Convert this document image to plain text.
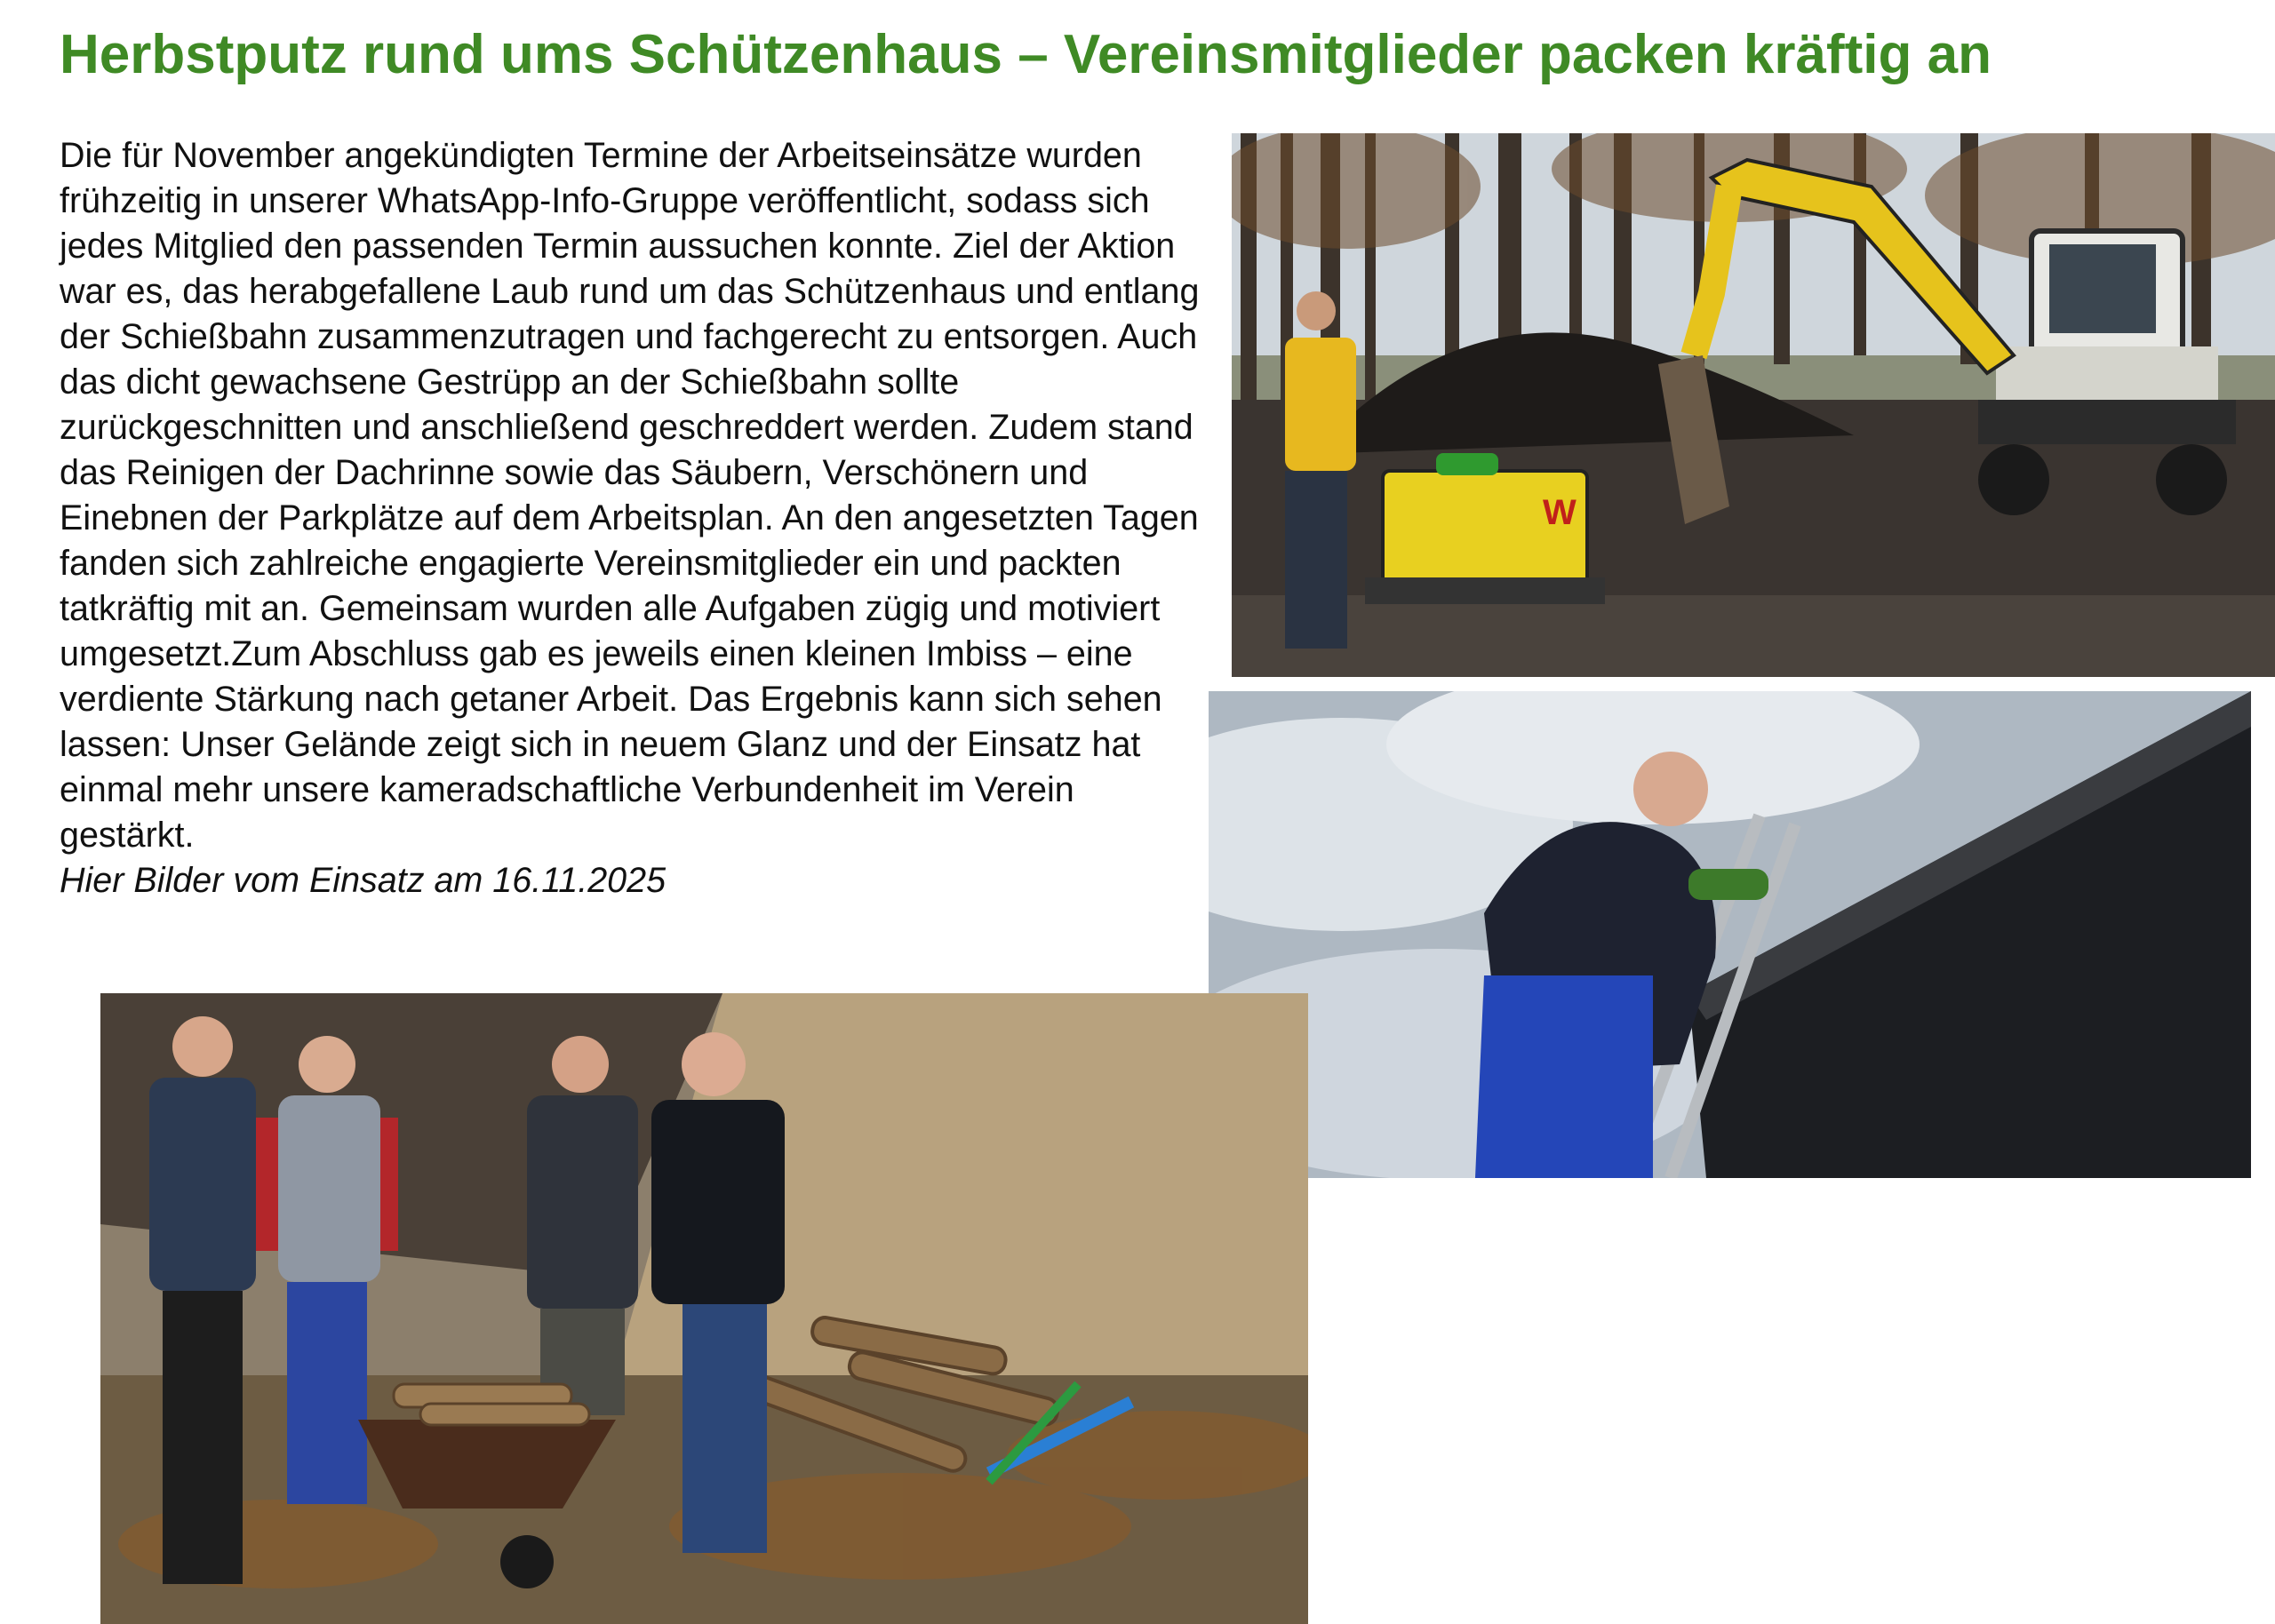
Herbstputz rund ums Schützenhaus – Vereinsmitglieder packen kräftig an

Die für November angekündigten Termine der Arbeitseinsätze wurden frühzeitig in unserer WhatsApp-Info-Gruppe veröffentlicht, sodass sich jedes Mitglied den passenden Termin aussuchen konnte. Ziel der Aktion war es, das herabgefallene Laub rund um das Schützenhaus und entlang der Schießbahn zusammenzutragen und fachgerecht zu entsorgen. Auch das dicht gewachsene Gestrüpp an der Schießbahn sollte zurückgeschnitten und anschließend geschreddert werden. Zudem stand das Reinigen der Dachrinne sowie das Säubern, Verschönern und Einebnen der Parkplätze auf dem Arbeitsplan. An den angesetzten Tagen fanden sich zahlreiche engagierte Vereinsmitglieder ein und packten tatkräftig mit an. Gemeinsam wurden alle Aufgaben zügig und motiviert umgesetzt.Zum Abschluss gab es jeweils einen kleinen Imbiss – eine verdiente Stärkung nach getaner Arbeit. Das Ergebnis kann sich sehen lassen: Unser Gelände zeigt sich in neuem Glanz und der Einsatz hat einmal mehr unsere kameradschaftliche Verbundenheit im Verein gestärkt.

Hier Bilder vom Einsatz am 16.11.2025

W
